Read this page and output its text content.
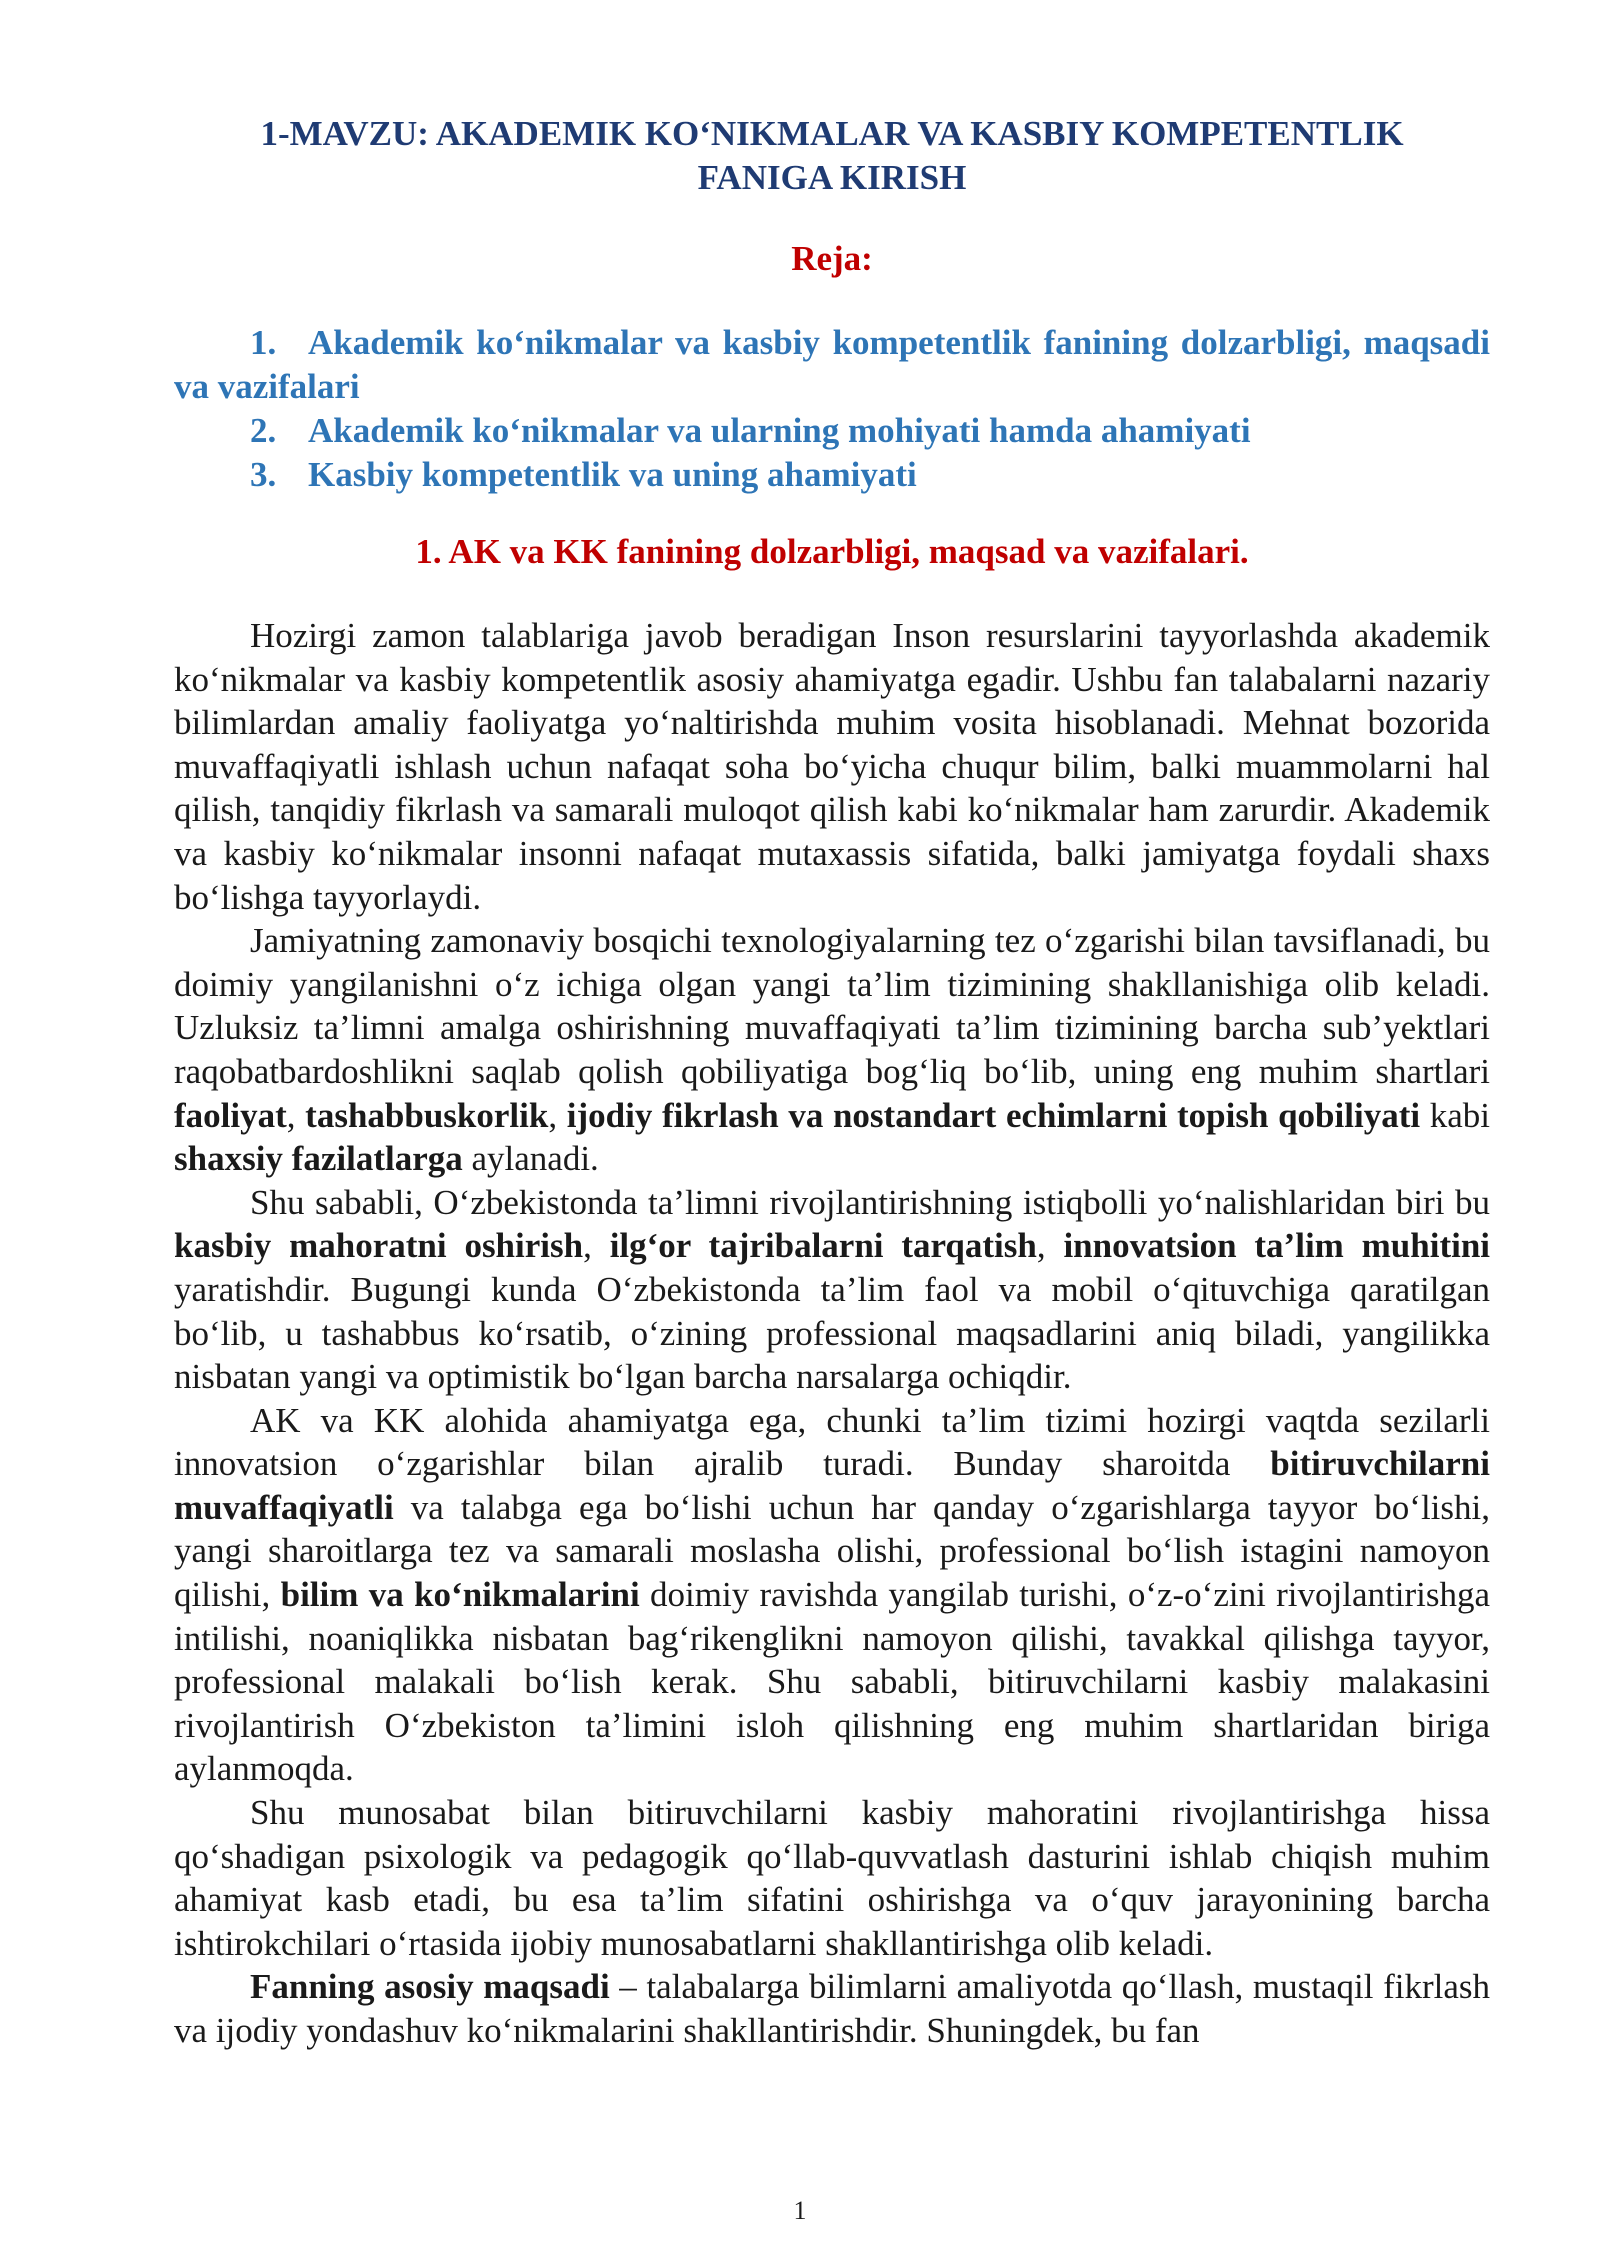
1-MAVZU: AKADEMIK KO‘NIKMALAR VA KASBIY KOMPETENTLIK
FANIGA KIRISH
Reja:
1. Akademik ko‘nikmalar va kasbiy kompetentlik fanining dolzarbligi, maqsadi va vazifalari
2. Akademik ko‘nikmalar va ularning mohiyati hamda ahamiyati
3. Kasbiy kompetentlik va uning ahamiyati
1. AK va KK fanining dolzarbligi, maqsad va vazifalari.

Hozirgi zamon talablariga javob beradigan Inson resurslarini tayyorlashda akademik ko‘nikmalar va kasbiy kompetentlik asosiy ahamiyatga egadir. Ushbu fan talabalarni nazariy bilimlardan amaliy faoliyatga yo‘naltirishda muhim vosita hisoblanadi. Mehnat bozorida muvaffaqiyatli ishlash uchun nafaqat soha bo‘yicha chuqur bilim, balki muammolarni hal qilish, tanqidiy fikrlash va samarali muloqot qilish kabi ko‘nikmalar ham zarurdir. Akademik va kasbiy ko‘nikmalar insonni nafaqat mutaxassis sifatida, balki jamiyatga foydali shaxs bo‘lishga tayyorlaydi.

Jamiyatning zamonaviy bosqichi texnologiyalarning tez o‘zgarishi bilan tavsiflanadi, bu doimiy yangilanishni o‘z ichiga olgan yangi ta’lim tizimining shakllanishiga olib keladi. Uzluksiz ta’limni amalga oshirishning muvaffaqiyati ta’lim tizimining barcha sub’yektlari raqobatbardoshlikni saqlab qolish qobiliyatiga bog‘liq bo‘lib, uning eng muhim shartlari faoliyat, tashabbuskorlik, ijodiy fikrlash va nostandart echimlarni topish qobiliyati kabi shaxsiy fazilatlarga aylanadi.

Shu sababli, O‘zbekistonda ta’limni rivojlantirishning istiqbolli yo‘nalishlaridan biri bu kasbiy mahoratni oshirish, ilg‘or tajribalarni tarqatish, innovatsion ta’lim muhitini yaratishdir. Bugungi kunda O‘zbekistonda ta’lim faol va mobil o‘qituvchiga qaratilgan bo‘lib, u tashabbus ko‘rsatib, o‘zining professional maqsadlarini aniq biladi, yangilikka nisbatan yangi va optimistik bo‘lgan barcha narsalarga ochiqdir.

AK va KK alohida ahamiyatga ega, chunki ta’lim tizimi hozirgi vaqtda sezilarli innovatsion o‘zgarishlar bilan ajralib turadi. Bunday sharoitda bitiruvchilarni muvaffaqiyatli va talabga ega bo‘lishi uchun har qanday o‘zgarishlarga tayyor bo‘lishi, yangi sharoitlarga tez va samarali moslasha olishi, professional bo‘lish istagini namoyon qilishi, bilim va ko‘nikmalarini doimiy ravishda yangilab turishi, o‘z-o‘zini rivojlantirishga intilishi, noaniqlikka nisbatan bag‘rikenglikni namoyon qilishi, tavakkal qilishga tayyor, professional malakali bo‘lish kerak. Shu sababli, bitiruvchilarni kasbiy malakasini rivojlantirish O‘zbekiston ta’limini isloh qilishning eng muhim shartlaridan biriga aylanmoqda.

Shu munosabat bilan bitiruvchilarni kasbiy mahoratini rivojlantirishga hissa qo‘shadigan psixologik va pedagogik qo‘llab-quvvatlash dasturini ishlab chiqish muhim ahamiyat kasb etadi, bu esa ta’lim sifatini oshirishga va o‘quv jarayonining barcha ishtirokchilari o‘rtasida ijobiy munosabatlarni shakllantirishga olib keladi.

Fanning asosiy maqsadi – talabalarga bilimlarni amaliyotda qo‘llash, mustaqil fikrlash va ijodiy yondashuv ko‘nikmalarini shakllantirishdir. Shuningdek, bu fan

1
